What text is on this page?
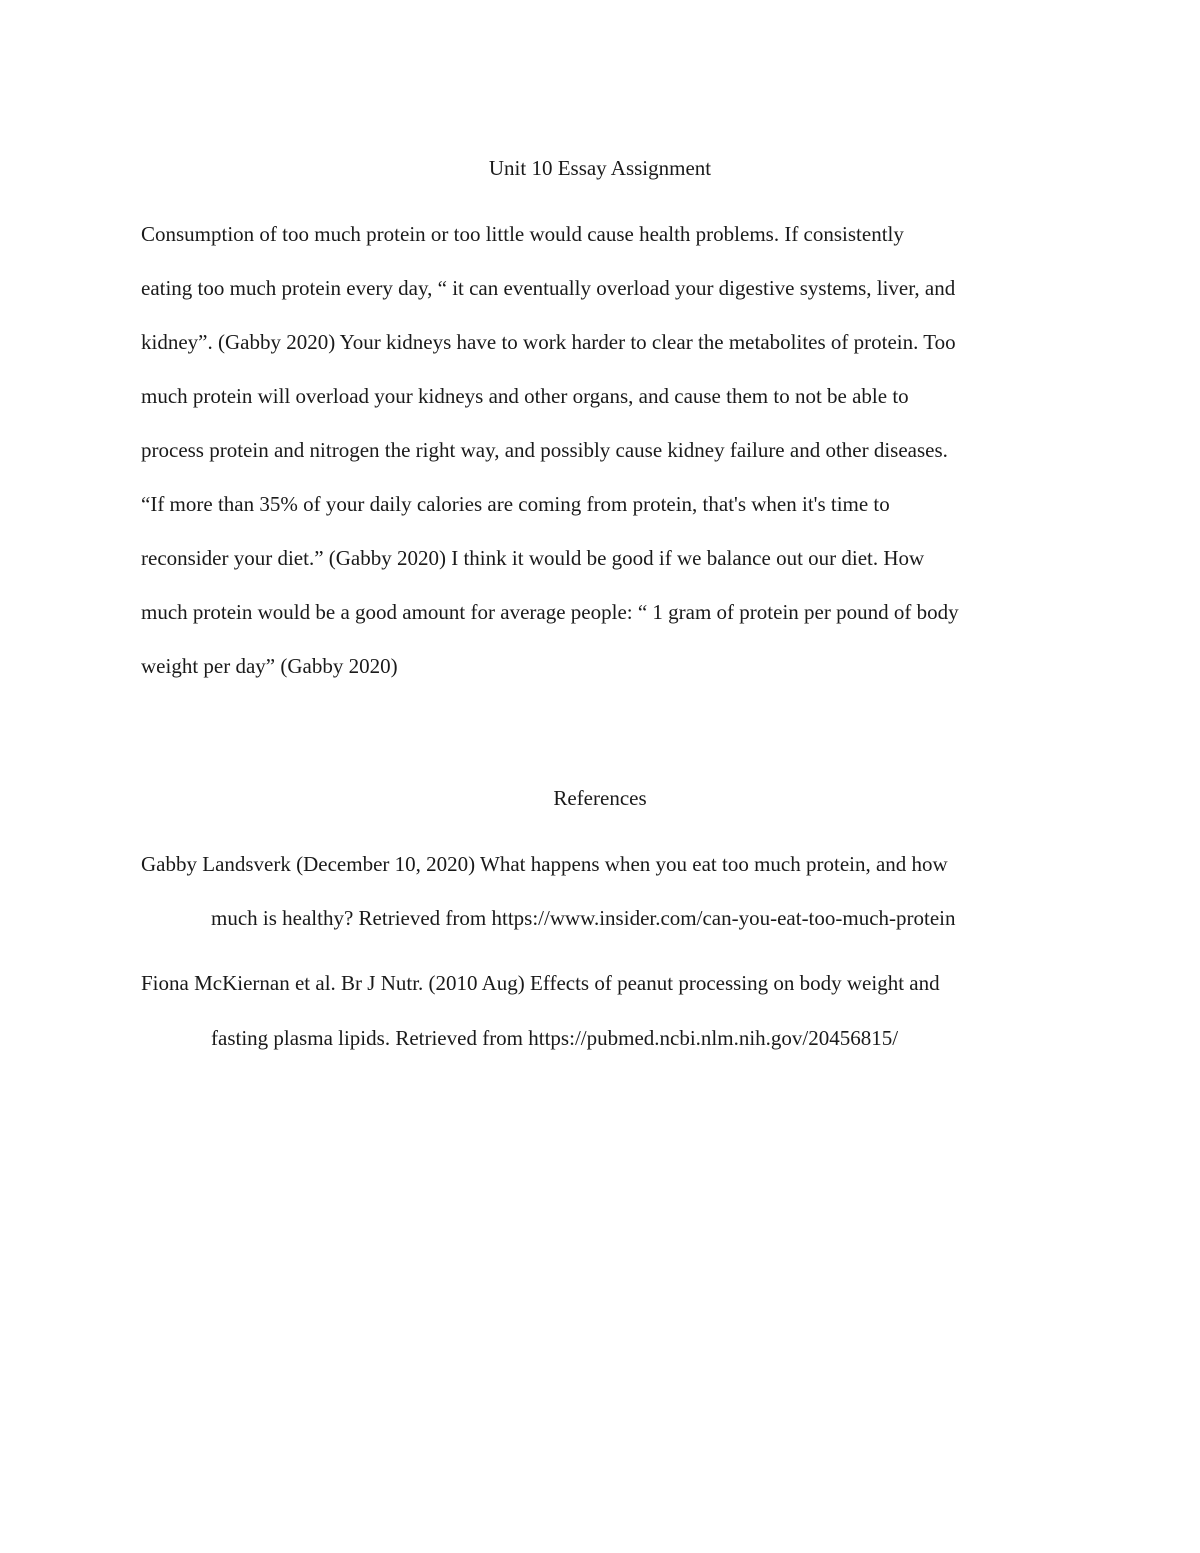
Unit 10 Essay Assignment

Consumption of too much protein or too little would cause health problems. If consistently

eating too much protein every day, “ it can eventually overload your digestive systems, liver, and

kidney”. (Gabby 2020) Your kidneys have to work harder to clear the metabolites of protein. Too

much protein will overload your kidneys and other organs, and cause them to not be able to

process protein and nitrogen the right way, and possibly cause kidney failure and other diseases.

“If more than 35% of your daily calories are coming from protein, that's when it's time to

reconsider your diet.” (Gabby 2020) I think it would be good if we balance out our diet. How

much protein would be a good amount for average people: “ 1 gram of protein per pound of body

weight per day” (Gabby 2020)

References

Gabby Landsverk (December 10, 2020) What happens when you eat too much protein, and how

much is healthy? Retrieved from https://www.insider.com/can-you-eat-too-much-protein

Fiona McKiernan et al. Br J Nutr. (2010 Aug) Effects of peanut processing on body weight and

fasting plasma lipids. Retrieved from https://pubmed.ncbi.nlm.nih.gov/20456815/
